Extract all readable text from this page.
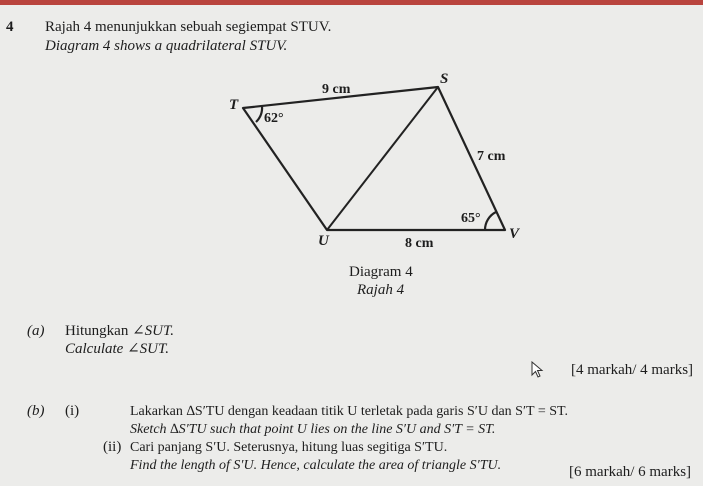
4 Rajah 4 menunjukkan sebuah segiempat STUV.
Diagram 4 shows a quadrilateral STUV.
T
S
U	V
9 cm
7 cm
8 cm
62°
65°
Diagram 4
Rajah 4
(a) Hitungkan ∠SUT.
Calculate ∠SUT.
[4 markah/ 4 marks]
(b) (i)	Lakarkan ∆S′TU dengan keadaan titik U terletak pada garis S′U dan S′T = ST.
Sketch ∆S′TU such that point U lies on the line S′U and S′T = ST.
(ii) Cari panjang S′U. Seterusnya, hitung luas segitiga S′TU.
Find the length of S′U. Hence, calculate the area of triangle S′TU.	[6 markah/ 6 marks]
